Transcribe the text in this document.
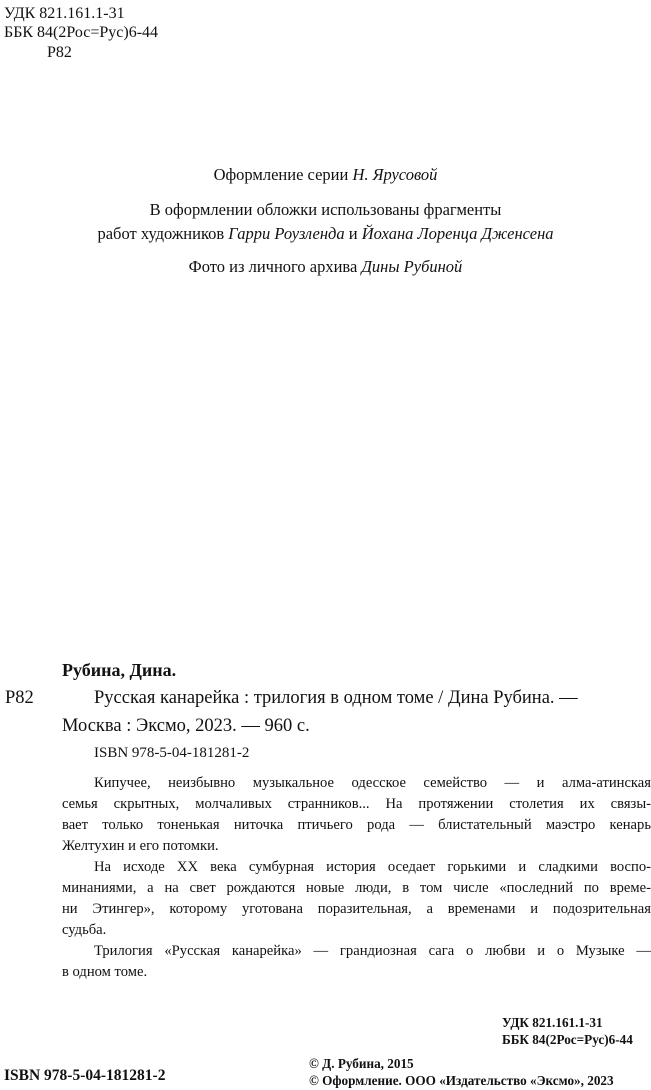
УДК 821.161.1-31
ББК 84(2Рос=Рус)6-44
Р82

Оформление серии Н. Ярусовой

В оформлении обложки использованы фрагменты

работ художников Гарри Роузленда и Йохана Лоренца Дженсена

Фото из личного архива Дины Рубиной

Рубина, Дина.
Р82	Русская канарейка : трилогия в одном томе / Дина Рубина. —
Москва : Эксмо, 2023. — 960 с.
ISBN 978-5-04-181281-2

Кипучее, неизбывно музыкальное одесское семейство — и алма-атинская
семья скрытных, молчаливых странников... На протяжении столетия их связы-
вает только тоненькая ниточка птичьего рода — блистательный маэстро кенарь
Желтухин и его потомки.

На исходе XX века сумбурная история оседает горькими и сладкими воспо-
минаниями, а на свет рождаются новые люди, в том числе «последний по време-
ни Этингер», которому уготована поразительная, а временами и подозрительная
судьба.

Трилогия «Русская канарейка» — грандиозная сага о любви и о Музыке —
в одном томе.

УДК 821.161.1-31
ББК 84(2Рос=Рус)6-44
ISBN 978-5-04-181281-2
© Д. Рубина, 2015
© Оформление. ООО «Издательство «Эксмо», 2023
